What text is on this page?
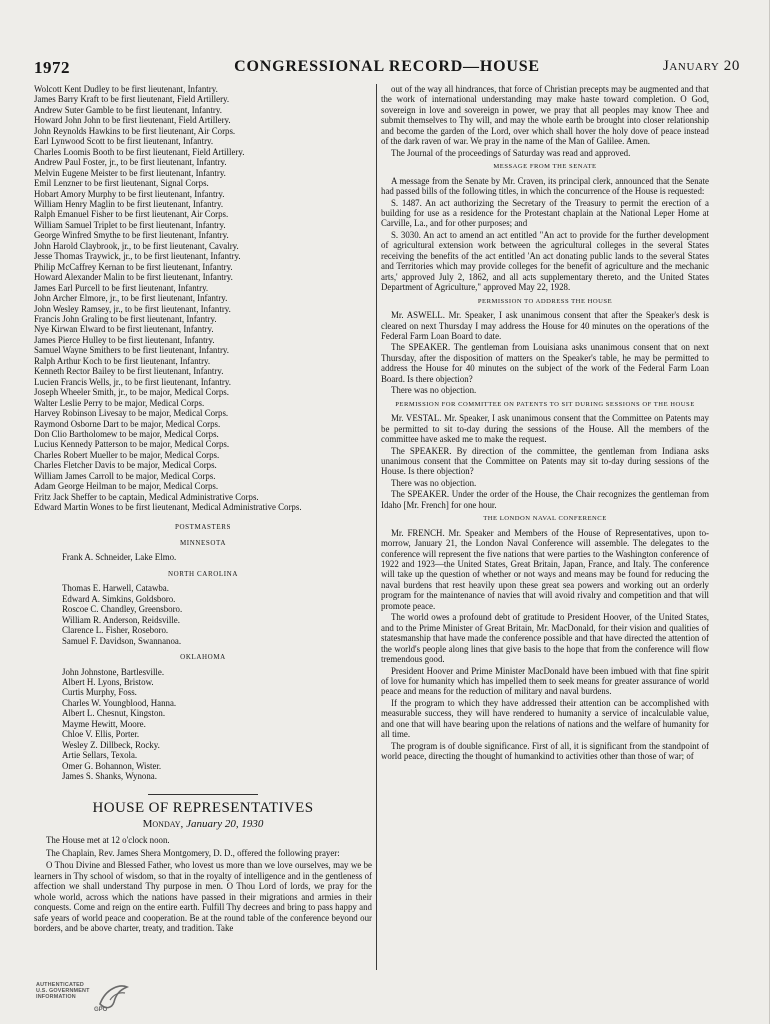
1972	CONGRESSIONAL RECORD—HOUSE	January 20
Wolcott Kent Dudley to be first lieutenant, Infantry.
James Barry Kraft to be first lieutenant, Field Artillery.
Andrew Suter Gamble to be first lieutenant, Infantry.
Howard John John to be first lieutenant, Field Artillery.
John Reynolds Hawkins to be first lieutenant, Air Corps.
Earl Lynwood Scott to be first lieutenant, Infantry.
Charles Loomis Booth to be first lieutenant, Field Artillery.
Andrew Paul Foster, jr., to be first lieutenant, Infantry.
Melvin Eugene Meister to be first lieutenant, Infantry.
Emil Lenzner to be first lieutenant, Signal Corps.
Hobart Amory Murphy to be first lieutenant, Infantry.
William Henry Maglin to be first lieutenant, Infantry.
Ralph Emanuel Fisher to be first lieutenant, Air Corps.
William Samuel Triplet to be first lieutenant, Infantry.
George Winfred Smythe to be first lieutenant, Infantry.
John Harold Claybrook, jr., to be first lieutenant, Cavalry.
Jesse Thomas Traywick, jr., to be first lieutenant, Infantry.
Philip McCaffrey Kernan to be first lieutenant, Infantry.
Howard Alexander Malin to be first lieutenant, Infantry.
James Earl Purcell to be first lieutenant, Infantry.
John Archer Elmore, jr., to be first lieutenant, Infantry.
John Wesley Ramsey, jr., to be first lieutenant, Infantry.
Francis John Graling to be first lieutenant, Infantry.
Nye Kirwan Elward to be first lieutenant, Infantry.
James Pierce Hulley to be first lieutenant, Infantry.
Samuel Wayne Smithers to be first lieutenant, Infantry.
Ralph Arthur Koch to be first lieutenant, Infantry.
Kenneth Rector Bailey to be first lieutenant, Infantry.
Lucien Francis Wells, jr., to be first lieutenant, Infantry.
Joseph Wheeler Smith, jr., to be major, Medical Corps.
Walter Leslie Perry to be major, Medical Corps.
Harvey Robinson Livesay to be major, Medical Corps.
Raymond Osborne Dart to be major, Medical Corps.
Don Clio Bartholomew to be major, Medical Corps.
Lucius Kennedy Patterson to be major, Medical Corps.
Charles Robert Mueller to be major, Medical Corps.
Charles Fletcher Davis to be major, Medical Corps.
William James Carroll to be major, Medical Corps.
Adam George Heilman to be major, Medical Corps.
Fritz Jack Sheffer to be captain, Medical Administrative Corps.
Edward Martin Wones to be first lieutenant, Medical Administrative Corps.
POSTMASTERS
MINNESOTA
Frank A. Schneider, Lake Elmo.
NORTH CAROLINA
Thomas E. Harwell, Catawba.
Edward A. Simkins, Goldsboro.
Roscoe C. Chandley, Greensboro.
William R. Anderson, Reidsville.
Clarence L. Fisher, Roseboro.
Samuel F. Davidson, Swannanoa.
OKLAHOMA
John Johnstone, Bartlesville.
Albert H. Lyons, Bristow.
Curtis Murphy, Foss.
Charles W. Youngblood, Hanna.
Albert L. Chesnut, Kingston.
Mayme Hewitt, Moore.
Chloe V. Ellis, Porter.
Wesley Z. Dillbeck, Rocky.
Artie Sellars, Texola.
Omer G. Bohannon, Wister.
James S. Shanks, Wynona.
HOUSE OF REPRESENTATIVES
Monday, January 20, 1930
The House met at 12 o'clock noon.
The Chaplain, Rev. James Shera Montgomery, D. D., offered the following prayer:
O Thou Divine and Blessed Father, who lovest us more than we love ourselves, may we be learners in Thy school of wisdom, so that in the royalty of intelligence and in the gentleness of affection we shall understand Thy purpose in men. O Thou Lord of lords, we pray for the whole world, across which the nations have passed in their migrations and armies in their conquests. Come and reign on the entire earth. Fulfill Thy decrees and bring to pass happy and safe years of world peace and cooperation. Be at the round table of the conference beyond our borders, and be above charter, treaty, and tradition. Take
out of the way all hindrances, that force of Christian precepts may be augmented and that the work of international understanding may make haste toward completion. O God, sovereign in love and sovereign in power, we pray that all peoples may know Thee and submit themselves to Thy will, and may the whole earth be brought into closer relationship and become the garden of the Lord, over which shall hover the holy dove of peace instead of the dark raven of war. We pray in the name of the Man of Galilee. Amen.
The Journal of the proceedings of Saturday was read and approved.
MESSAGE FROM THE SENATE
A message from the Senate by Mr. Craven, its principal clerk, announced that the Senate had passed bills of the following titles, in which the concurrence of the House is requested:
S. 1487. An act authorizing the Secretary of the Treasury to permit the erection of a building for use as a residence for the Protestant chaplain at the National Leper Home at Carville, La., and for other purposes; and
S. 3030. An act to amend an act entitled "An act to provide for the further development of agricultural extension work between the agricultural colleges in the several States receiving the benefits of the act entitled 'An act donating public lands to the several States and Territories which may provide colleges for the benefit of agriculture and the mechanic arts,' approved July 2, 1862, and all acts supplementary thereto, and the United States Department of Agriculture," approved May 22, 1928.
PERMISSION TO ADDRESS THE HOUSE
Mr. ASWELL. Mr. Speaker, I ask unanimous consent that after the Speaker's desk is cleared on next Thursday I may address the House for 40 minutes on the operations of the Federal Farm Loan Board to date.
The SPEAKER. The gentleman from Louisiana asks unanimous consent that on next Thursday, after the disposition of matters on the Speaker's table, he may be permitted to address the House for 40 minutes on the subject of the work of the Federal Farm Loan Board. Is there objection?
There was no objection.
PERMISSION FOR COMMITTEE ON PATENTS TO SIT DURING SESSIONS OF THE HOUSE
Mr. VESTAL. Mr. Speaker, I ask unanimous consent that the Committee on Patents may be permitted to sit to-day during the sessions of the House. All the members of the committee have asked me to make the request.
The SPEAKER. By direction of the committee, the gentleman from Indiana asks unanimous consent that the Committee on Patents may sit to-day during sessions of the House. Is there objection?
There was no objection.
The SPEAKER. Under the order of the House, the Chair recognizes the gentleman from Idaho [Mr. French] for one hour.
THE LONDON NAVAL CONFERENCE
Mr. FRENCH. Mr. Speaker and Members of the House of Representatives, upon to-morrow, January 21, the London Naval Conference will assemble. The delegates to the conference will represent the five nations that were parties to the Washington conference of 1922 and 1923—the United States, Great Britain, Japan, France, and Italy. The conference will take up the question of whether or not ways and means may be found for reducing the naval burdens that rest heavily upon these great sea powers and working out an orderly program for the maintenance of navies that will avoid rivalry and competition and that will promote peace.
The world owes a profound debt of gratitude to President Hoover, of the United States, and to the Prime Minister of Great Britain, Mr. MacDonald, for their vision and qualities of statesmanship that have made the conference possible and that have directed the attention of the world's people along lines that give basis to the hope that from the conference will flow tremendous good.
President Hoover and Prime Minister MacDonald have been imbued with that fine spirit of love for humanity which has impelled them to seek means for greater assurance of world peace and means for the reduction of military and naval burdens.
If the program to which they have addressed their attention can be accomplished with measurable success, they will have rendered to humanity a service of incalculable value, and one that will have bearing upon the relations of nations and the welfare of humanity for all time.
The program is of double significance. First of all, it is significant from the standpoint of world peace, directing the thought of humankind to activities other than those of war; of
AUTHENTICATED
U.S. GOVERNMENT
INFORMATION
GPO
